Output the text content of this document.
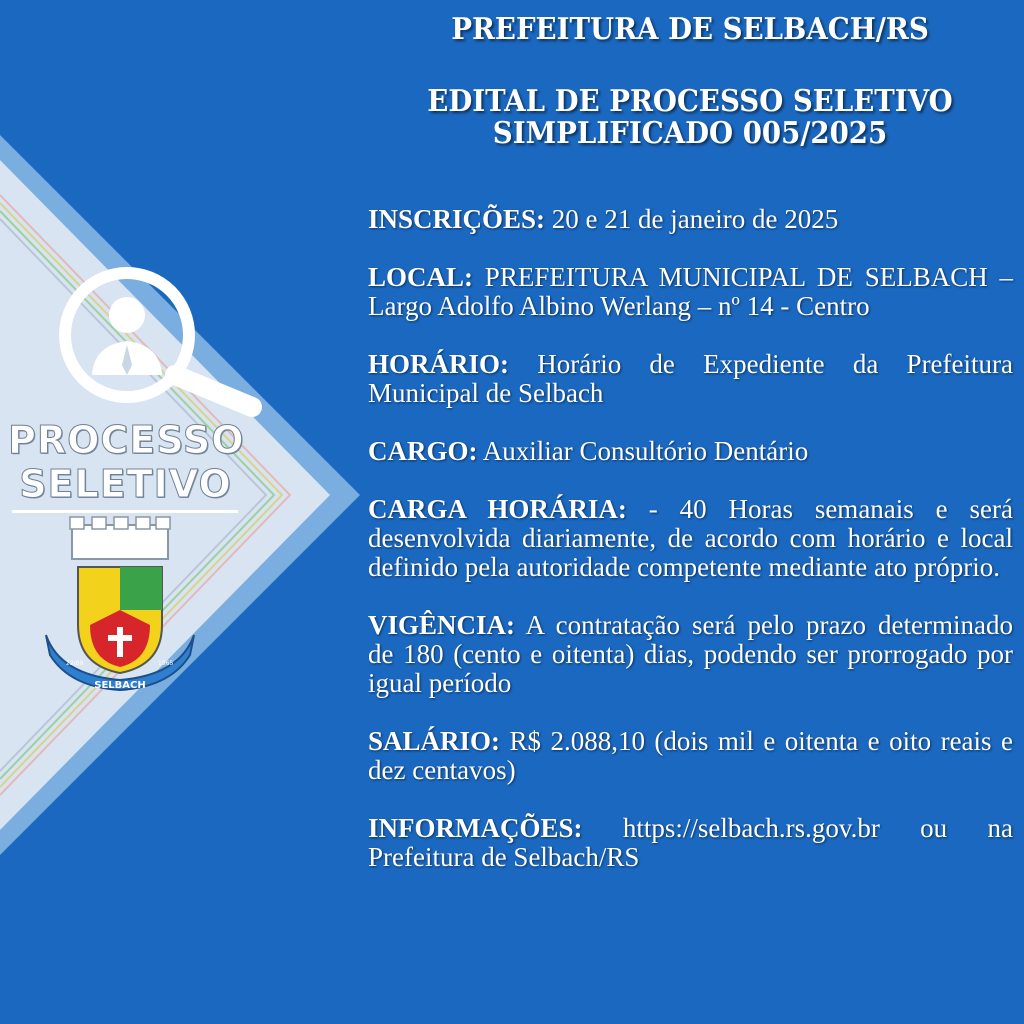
PROCESSO
SELETIVO
SELBACH
22/09	1965
PREFEITURA DE SELBACH/RS
EDITAL DE PROCESSO SELETIVO
SIMPLIFICADO 005/2025

INSCRIÇÕES: 20 e 21 de janeiro de 2025

LOCAL: PREFEITURA MUNICIPAL DE SELBACH – Largo Adolfo Albino Werlang – nº 14 - Centro

HORÁRIO: Horário de Expediente da Prefeitura Municipal de Selbach

CARGO: Auxiliar Consultório Dentário

CARGA HORÁRIA: - 40 Horas semanais e será desenvolvida diariamente, de acordo com horário e local definido pela autoridade competente mediante ato próprio.

VIGÊNCIA: A contratação será pelo prazo determinado de 180 (cento e oitenta) dias, podendo ser prorrogado por igual período

SALÁRIO: R$ 2.088,10 (dois mil e oitenta e oito reais e dez centavos)

INFORMAÇÕES: https://selbach.rs.gov.br ou na Prefeitura de Selbach/RS
